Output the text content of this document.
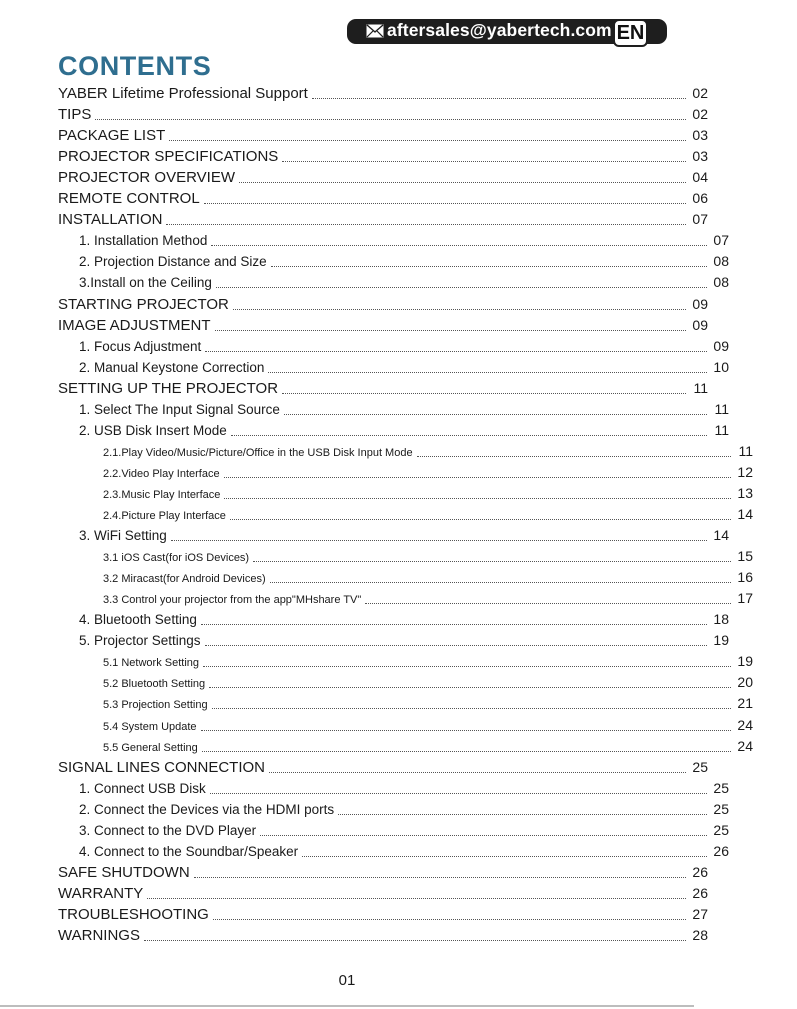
aftersales@yabertech.com EN
CONTENTS
YABER Lifetime Professional Support	02
TIPS	02
PACKAGE LIST	03
PROJECTOR SPECIFICATIONS	03
PROJECTOR OVERVIEW	04
REMOTE CONTROL	06
INSTALLATION	07
1. Installation Method	07
2. Projection Distance and Size	08
3.Install on the Ceiling	08
STARTING PROJECTOR	09
IMAGE ADJUSTMENT	09
1. Focus Adjustment	09
2. Manual Keystone Correction	10
SETTING UP THE PROJECTOR	11
1. Select The Input Signal Source	11
2. USB Disk Insert Mode	11
2.1.Play Video/Music/Picture/Office in the USB Disk Input Mode	11
2.2.Video Play Interface	12
2.3.Music Play Interface	13
2.4.Picture Play Interface	14
3. WiFi Setting	14
3.1 iOS Cast(for iOS Devices)	15
3.2 Miracast(for Android Devices)	16
3.3 Control your projector from the app"MHshare TV"	17
4. Bluetooth Setting	18
5. Projector Settings	19
5.1 Network Setting	19
5.2 Bluetooth Setting	20
5.3 Projection Setting	21
5.4 System Update	24
5.5 General Setting	24
SIGNAL LINES CONNECTION	25
1. Connect USB Disk	25
2. Connect the Devices via the HDMI ports	25
3. Connect to the DVD Player	25
4. Connect to the Soundbar/Speaker	26
SAFE SHUTDOWN	26
WARRANTY	26
TROUBLESHOOTING	27
WARNINGS	28
01
